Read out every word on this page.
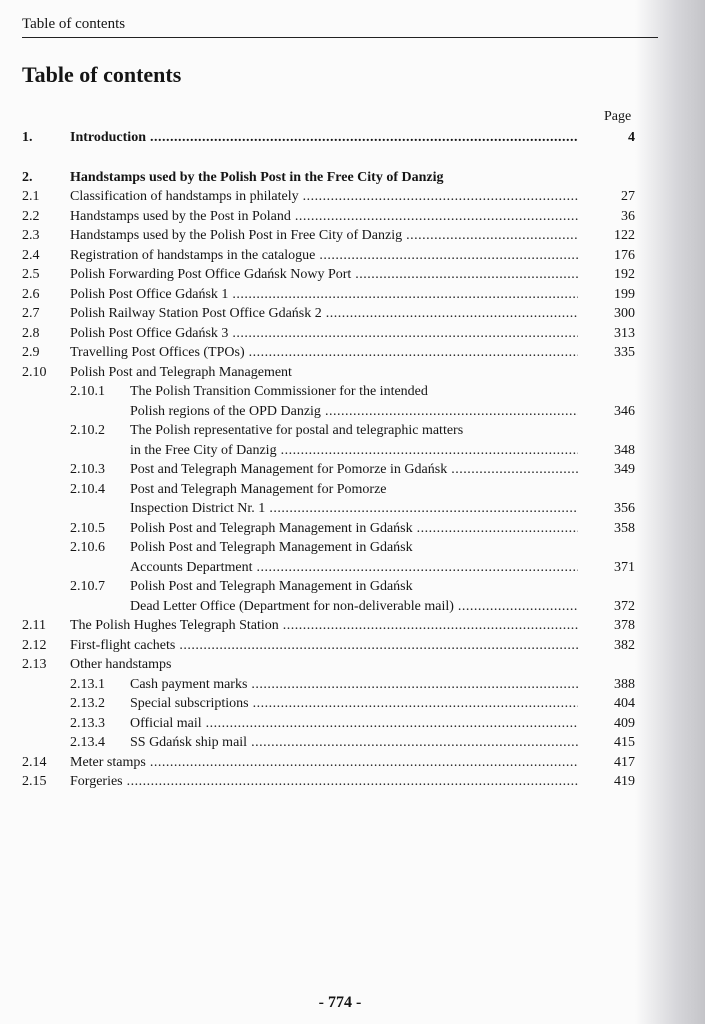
Table of contents
Table of contents
Page
1.	Introduction .....	4
2.	Handstamps used by the Polish Post in the Free City of Danzig
2.1 Classification of handstamps in philately .....	27
2.2 Handstamps used by the Post in Poland .....	36
2.3 Handstamps used by the Polish Post in Free City of Danzig .....	122
2.4 Registration of handstamps in the catalogue .....	176
2.5 Polish Forwarding Post Office Gdańsk Nowy Port .....	192
2.6 Polish Post Office Gdańsk 1 .....	199
2.7 Polish Railway Station Post Office Gdańsk 2 .....	300
2.8 Polish Post Office Gdańsk 3 .....	313
2.9 Travelling Post Offices (TPOs) .....	335
2.10 Polish Post and Telegraph Management
2.10.1 The Polish Transition Commissioner for the intended
Polish regions of the OPD Danzig .....	346
2.10.2 The Polish representative for postal and telegraphic matters
in the Free City of Danzig .....	348
2.10.3 Post and Telegraph Management for Pomorze in Gdańsk .....	349
2.10.4 Post and Telegraph Management for Pomorze
Inspection District Nr. 1 .....	356
2.10.5 Polish Post and Telegraph Management in Gdańsk .....	358
2.10.6 Polish Post and Telegraph Management in Gdańsk
Accounts Department .....	371
2.10.7 Polish Post and Telegraph Management in Gdańsk
Dead Letter Office (Department for non-deliverable mail) .....	372
2.11 The Polish Hughes Telegraph Station .....	378
2.12 First-flight cachets .....	382
2.13 Other handstamps
2.13.1 Cash payment marks .....	388
2.13.2 Special subscriptions .....	404
2.13.3 Official mail .....	409
2.13.4 SS Gdańsk ship mail .....	415
2.14 Meter stamps .....	417
2.15 Forgeries .....	419
- 774 -
